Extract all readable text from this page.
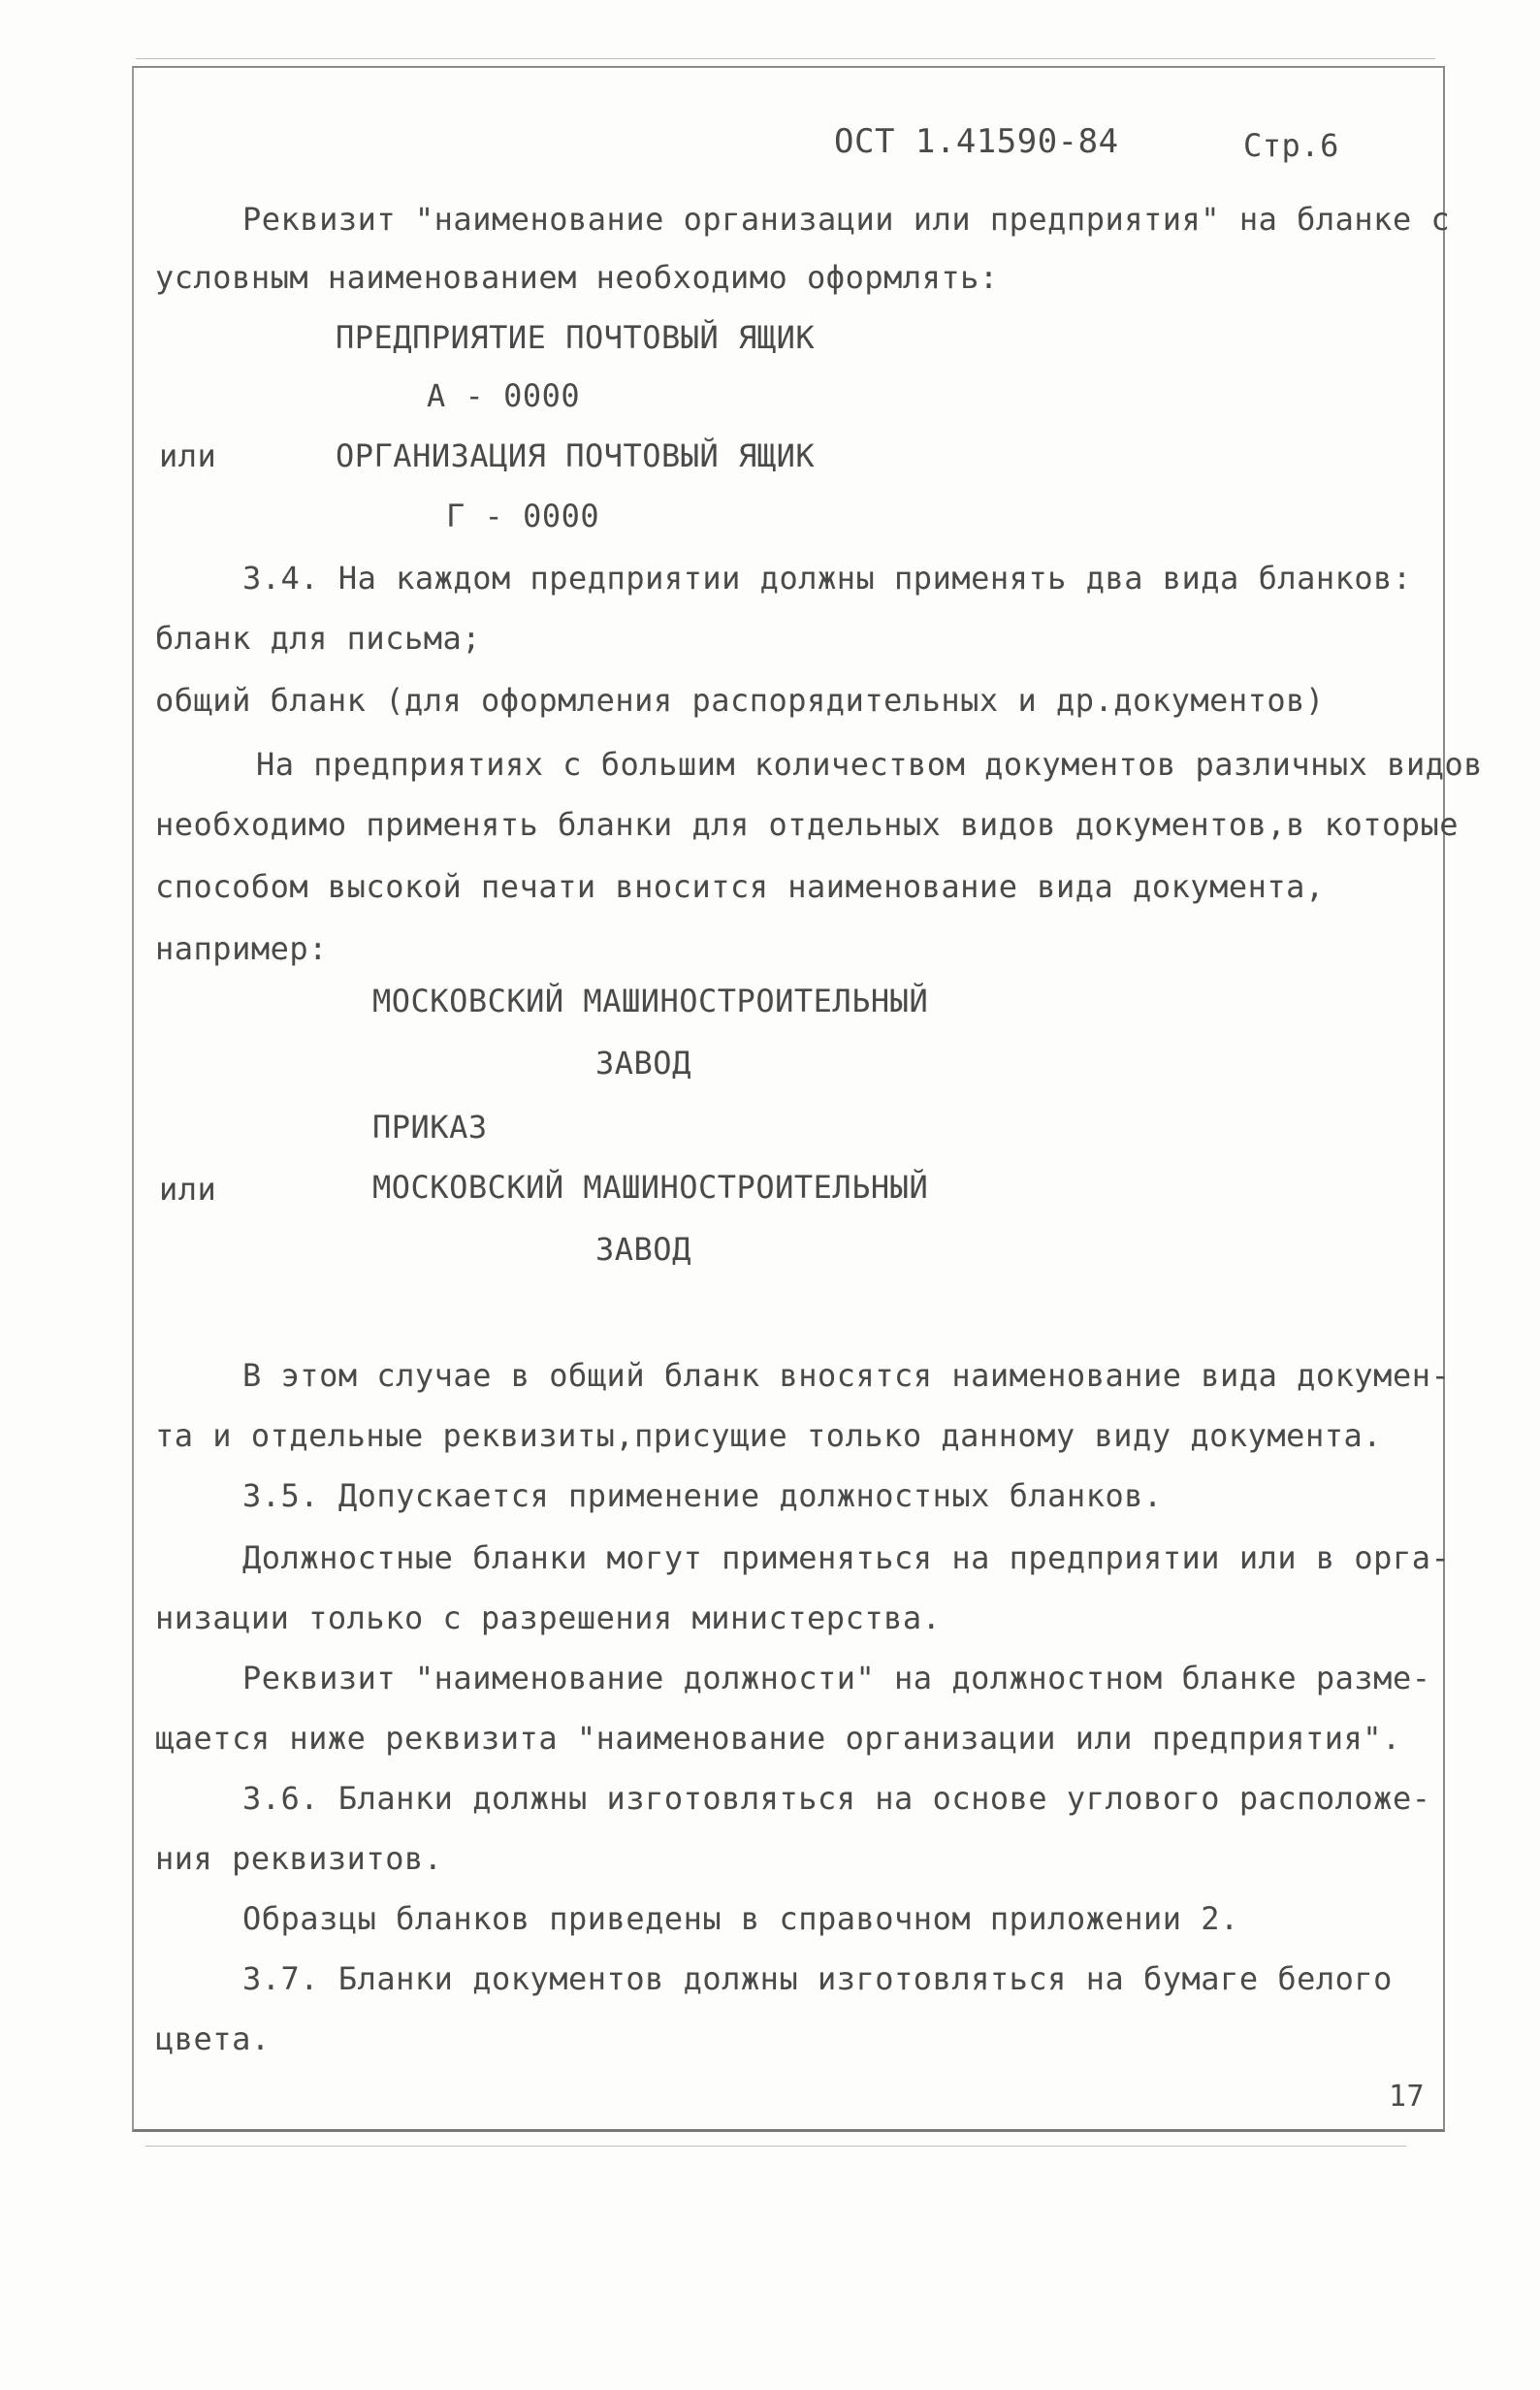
ОСТ 1.41590-84	Стр.6
Реквизит "наименование организации или предприятия" на бланке с
условным наименованием необходимо оформлять:
ПРЕДПРИЯТИЕ ПОЧТОВЫЙ ЯЩИК
А - 0000
или	ОРГАНИЗАЦИЯ ПОЧТОВЫЙ ЯЩИК
Г - 0000
3.4. На каждом предприятии должны применять два вида бланков:
бланк для письма;
общий бланк (для оформления распорядительных и др.документов)
На предприятиях с большим количеством документов различных видов
необходимо применять бланки для отдельных видов документов,в которые
способом высокой печати вносится наименование вида документа,
например:
МОСКОВСКИЙ МАШИНОСТРОИТЕЛЬНЫЙ
ЗАВОД
ПРИКАЗ
или	МОСКОВСКИЙ МАШИНОСТРОИТЕЛЬНЫЙ
ЗАВОД
В этом случае в общий бланк вносятся наименование вида докумен-
та и отдельные реквизиты,присущие только данному виду документа.
3.5. Допускается применение должностных бланков.
Должностные бланки могут применяться на предприятии или в орга-
низации только с разрешения министерства.
Реквизит "наименование должности" на должностном бланке разме-
щается ниже реквизита "наименование организации или предприятия".
3.6. Бланки должны изготовляться на основе углового расположе-
ния реквизитов.
Образцы бланков приведены в справочном приложении 2.
3.7. Бланки документов должны изготовляться на бумаге белого
цвета.
17
